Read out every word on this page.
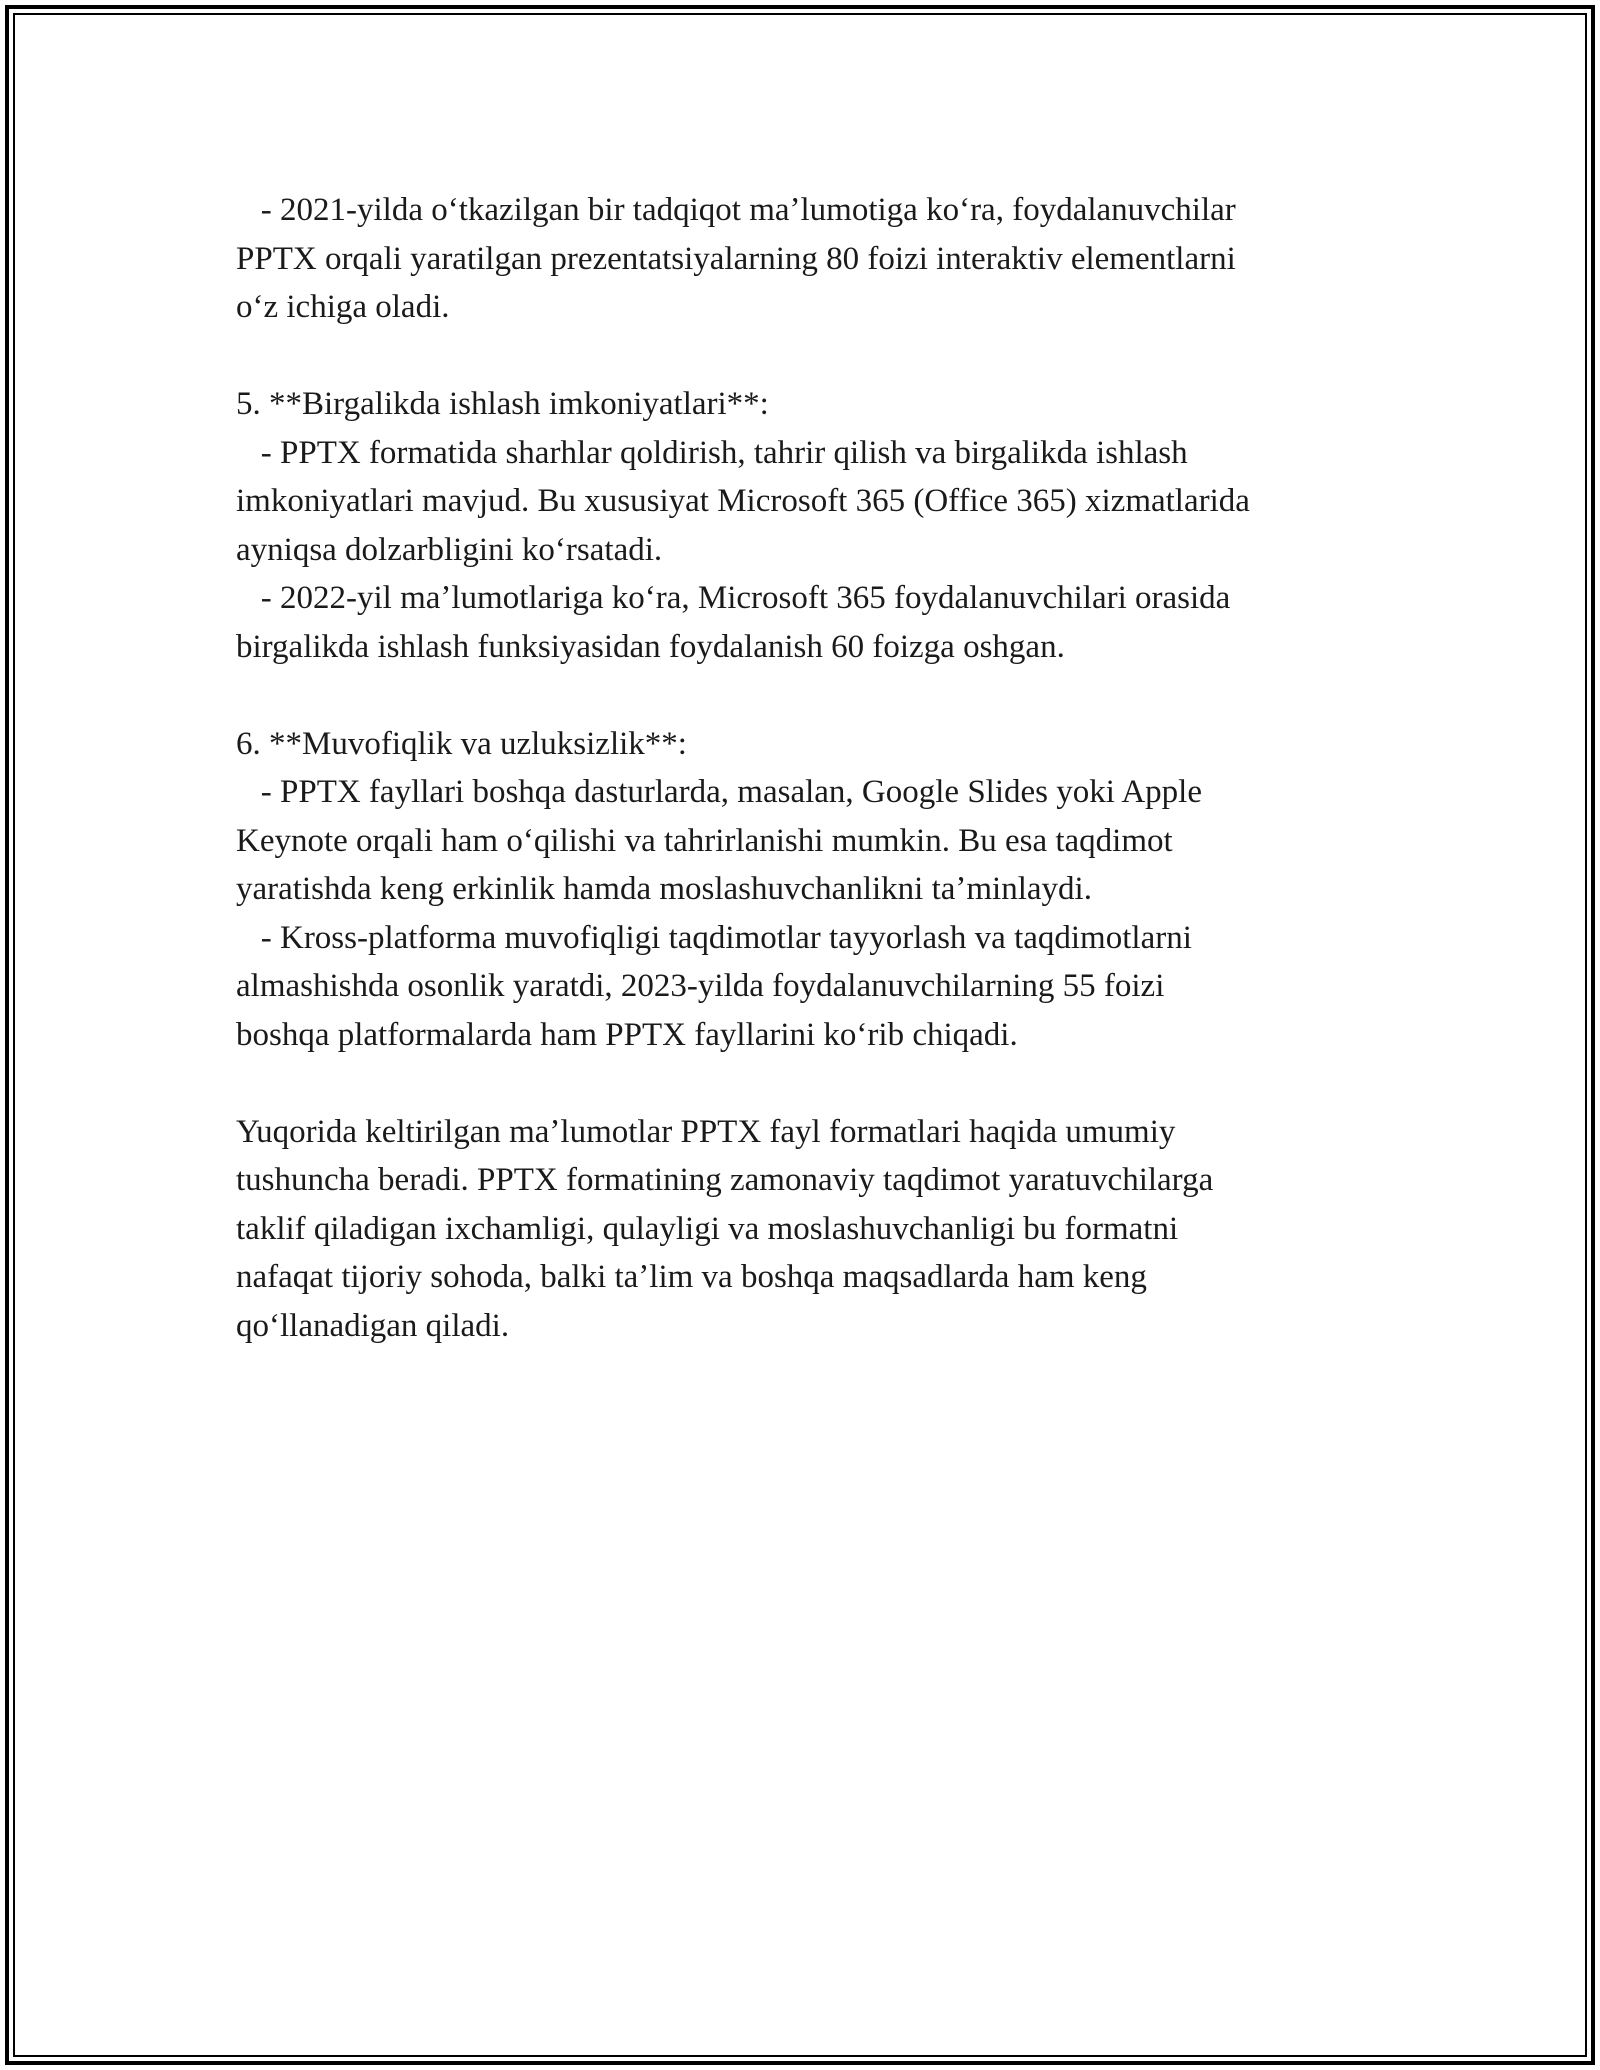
- 2021-yilda oʻtkazilgan bir tadqiqot maʼlumotiga koʻra, foydalanuvchilar
PPTX orqali yaratilgan prezentatsiyalarning 80 foizi interaktiv elementlarni
oʻz ichiga oladi.
5. **Birgalikda ishlash imkoniyatlari**:
- PPTX formatida sharhlar qoldirish, tahrir qilish va birgalikda ishlash
imkoniyatlari mavjud. Bu xususiyat Microsoft 365 (Office 365) xizmatlarida
ayniqsa dolzarbligini koʻrsatadi.
- 2022-yil maʼlumotlariga koʻra, Microsoft 365 foydalanuvchilari orasida
birgalikda ishlash funksiyasidan foydalanish 60 foizga oshgan.
6. **Muvofiqlik va uzluksizlik**:
- PPTX fayllari boshqa dasturlarda, masalan, Google Slides yoki Apple
Keynote orqali ham oʻqilishi va tahrirlanishi mumkin. Bu esa taqdimot
yaratishda keng erkinlik hamda moslashuvchanlikni taʼminlaydi.
- Kross-platforma muvofiqligi taqdimotlar tayyorlash va taqdimotlarni
almashishda osonlik yaratdi, 2023-yilda foydalanuvchilarning 55 foizi
boshqa platformalarda ham PPTX fayllarini koʻrib chiqadi.
Yuqorida keltirilgan maʼlumotlar PPTX fayl formatlari haqida umumiy
tushuncha beradi. PPTX formatining zamonaviy taqdimot yaratuvchilarga
taklif qiladigan ixchamligi, qulayligi va moslashuvchanligi bu formatni
nafaqat tijoriy sohoda, balki taʼlim va boshqa maqsadlarda ham keng
qoʻllanadigan qiladi.
